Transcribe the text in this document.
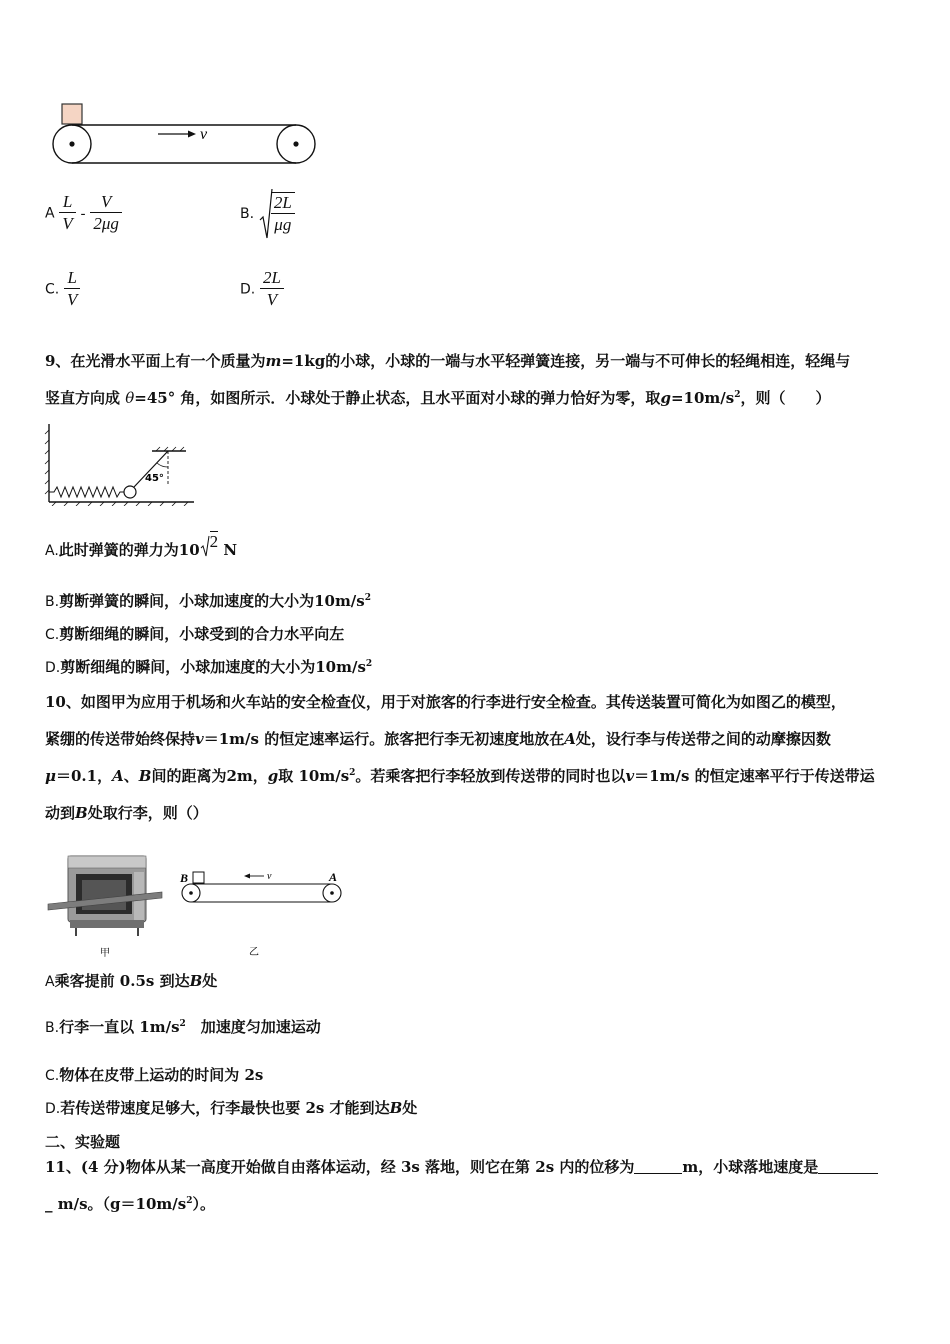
v
A $\frac{L}{V} - \frac{V}{2\mu g}$	B. $\frac{2L}{\mu g}$
C. $\frac{L}{V}$	D. $\frac{2L}{V}$
9、在光滑水平面上有一个质量为m=1kg的小球，小球的一端与水平轻弹簧连接，另一端与不可伸长的轻绳相连，轻绳与
竖直方向成 θ=45° 角，如图所示．小球处于静止状态，且水平面对小球的弹力恰好为零，取$g=10m/s^2$，则（　　）
45°
A.此时弹簧的弹力为10 2 N
B.剪断弹簧的瞬间，小球加速度的大小为$10m/s^2$
C.剪断细绳的瞬间，小球受到的合力水平向左
D.剪断细绳的瞬间，小球加速度的大小为$10m/s^2$
10、如图甲为应用于机场和火车站的安全检查仪，用于对旅客的行李进行安全检查。其传送装置可简化为如图乙的模型，
紧绷的传送带始终保持v＝1m/s 的恒定速率运行。旅客把行李无初速度地放在A处，设行李与传送带之间的动摩擦因数
μ＝0.1，A、B间的距离为2m，g取 $10m/s^2$。若乘客把行李轻放到传送带的同时也以v＝1m/s 的恒定速率平行于传送带运
动到B处取行李，则（）
甲
B	v	A
乙
A乘客提前 0.5s 到达B处
B.行李一直以 $1m/s^2$　加速度匀加速运动
C.物体在皮带上运动的时间为 2s
D.若传送带速度足够大，行李最快也要 2s 才能到达B处
二、实验题
11、(4 分)物体从某一高度开始做自由落体运动，经 3s 落地，则它在第 2s 内的位移为	m，小球落地速度是
_ m/s。$(g=10m/s^2)$。
